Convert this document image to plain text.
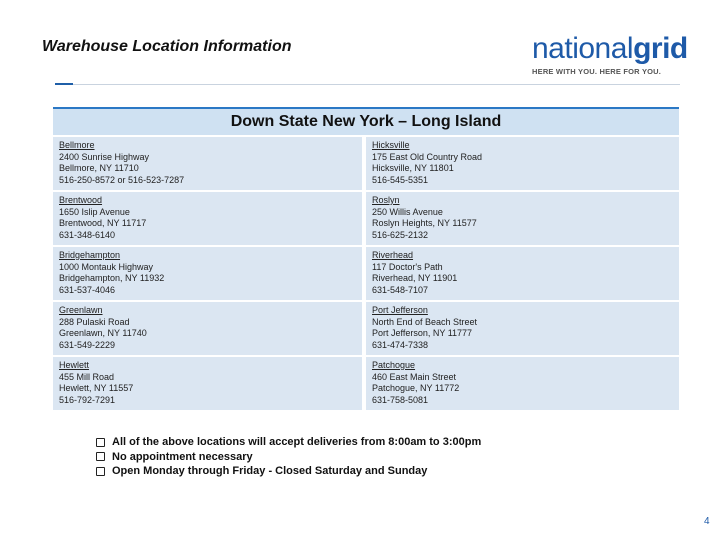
Warehouse Location Information	nationalgrid
HERE WITH YOU. HERE FOR YOU.
Down State New York – Long Island
Bellmore
2400 Sunrise Highway
Bellmore, NY 11710
516-250-8572 or 516-523-7287
Hicksville
175 East Old Country Road
Hicksville, NY 11801
516-545-5351
Brentwood
1650 Islip Avenue
Brentwood, NY 11717
631-348-6140
Roslyn
250 Willis Avenue
Roslyn Heights, NY 11577
516-625-2132
Bridgehampton
1000 Montauk Highway
Bridgehampton, NY 11932
631-537-4046
Riverhead
117 Doctor's Path
Riverhead, NY 11901
631-548-7107
Greenlawn
288 Pulaski Road
Greenlawn, NY 11740
631-549-2229
Port Jefferson
North End of Beach Street
Port Jefferson, NY 11777
631-474-7338
Hewlett
455 Mill Road
Hewlett, NY 11557
516-792-7291
Patchogue
460 East Main Street
Patchogue, NY 11772
631-758-5081
All of the above locations will accept deliveries from 8:00am to 3:00pm
No appointment necessary
Open Monday through Friday - Closed Saturday and Sunday
4
